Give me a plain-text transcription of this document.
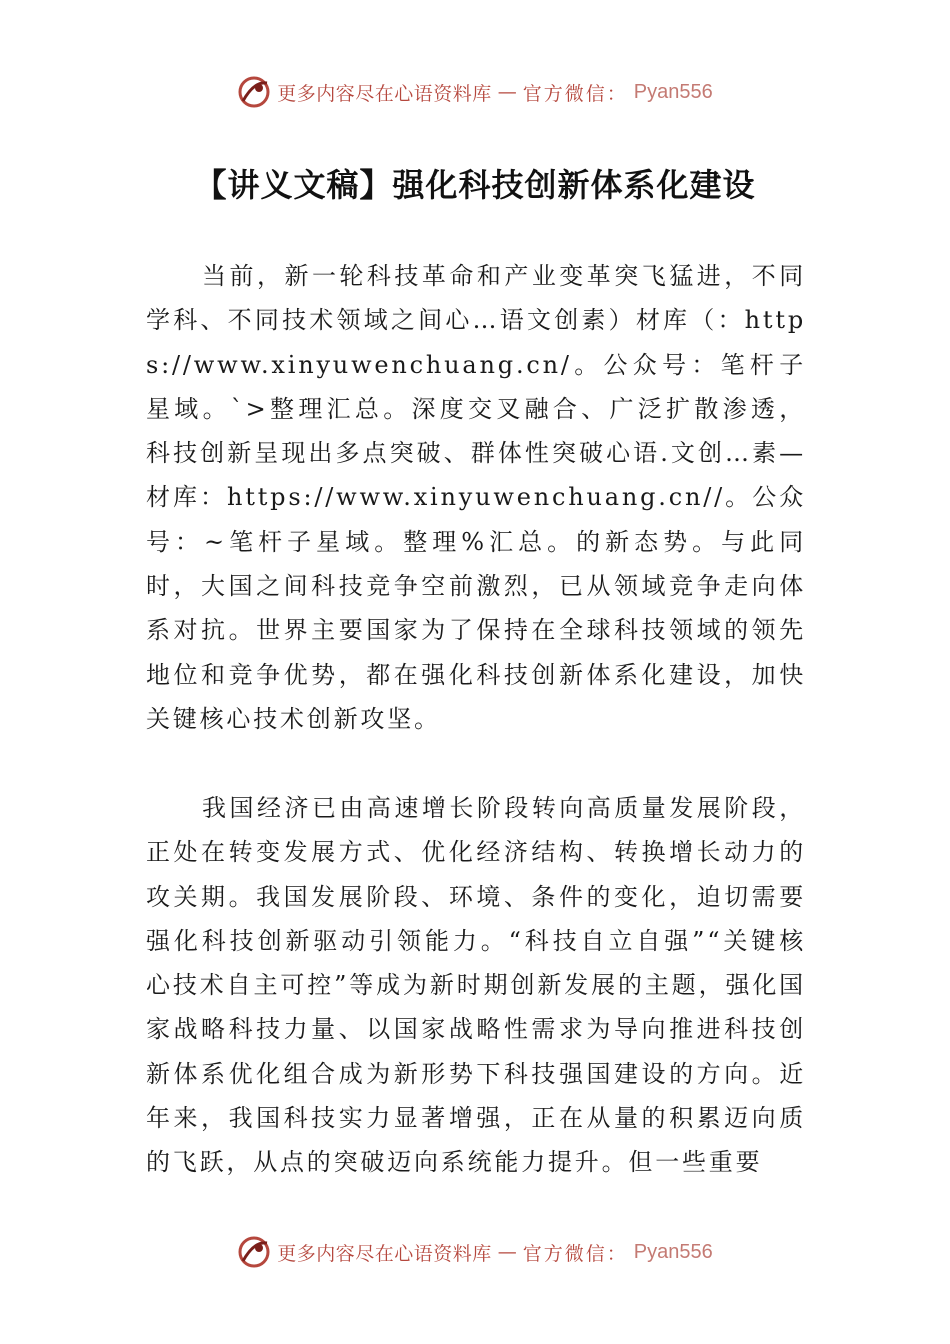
更多内容尽在心语资料库 — 官方微信： Pyan556
【讲义文稿】强化科技创新体系化建设

当前，新一轮科技革命和产业变革突飞猛进，不同学科、不同技术领域之间心…语文创素）材库（：https://www.xinyuwenchuang.cn/。公众号：笔杆子星域。`>整理汇总。深度交叉融合、广泛扩散渗透， 科技创新呈现出多点突破、群体性突破心语.文创…素—材库：https://www.xinyuwenchuang.cn//。公众号：~笔杆子星域。整理%汇总。的新态势。与此同时，大国之间科技竞争空前激烈，已从领域竞争走向体系对抗。世界主要国家为了保持在全球科技领域的领先地位和竞争优势，都在强化科技创新体系化建设，加快关键核心技术创新攻坚。

我国经济已由高速增长阶段转向高质量发展阶段，正处在转变发展方式、优化经济结构、转换增长动力的攻关期。我国发展阶段、环境、条件的变化，迫切需要强化科技创新驱动引领能力。“科技自立自强”“关键核心技术自主可控”等成为新时期创新发展的主题，强化国家战略科技力量、以国家战略性需求为导向推进科技创新体系优化组合成为新形势下科技强国建设的方向。近年来，我国科技实力显著增强，正在从量的积累迈向质的飞跃，从点的突破迈向系统能力提升。但一些重要

更多内容尽在心语资料库 — 官方微信： Pyan556
